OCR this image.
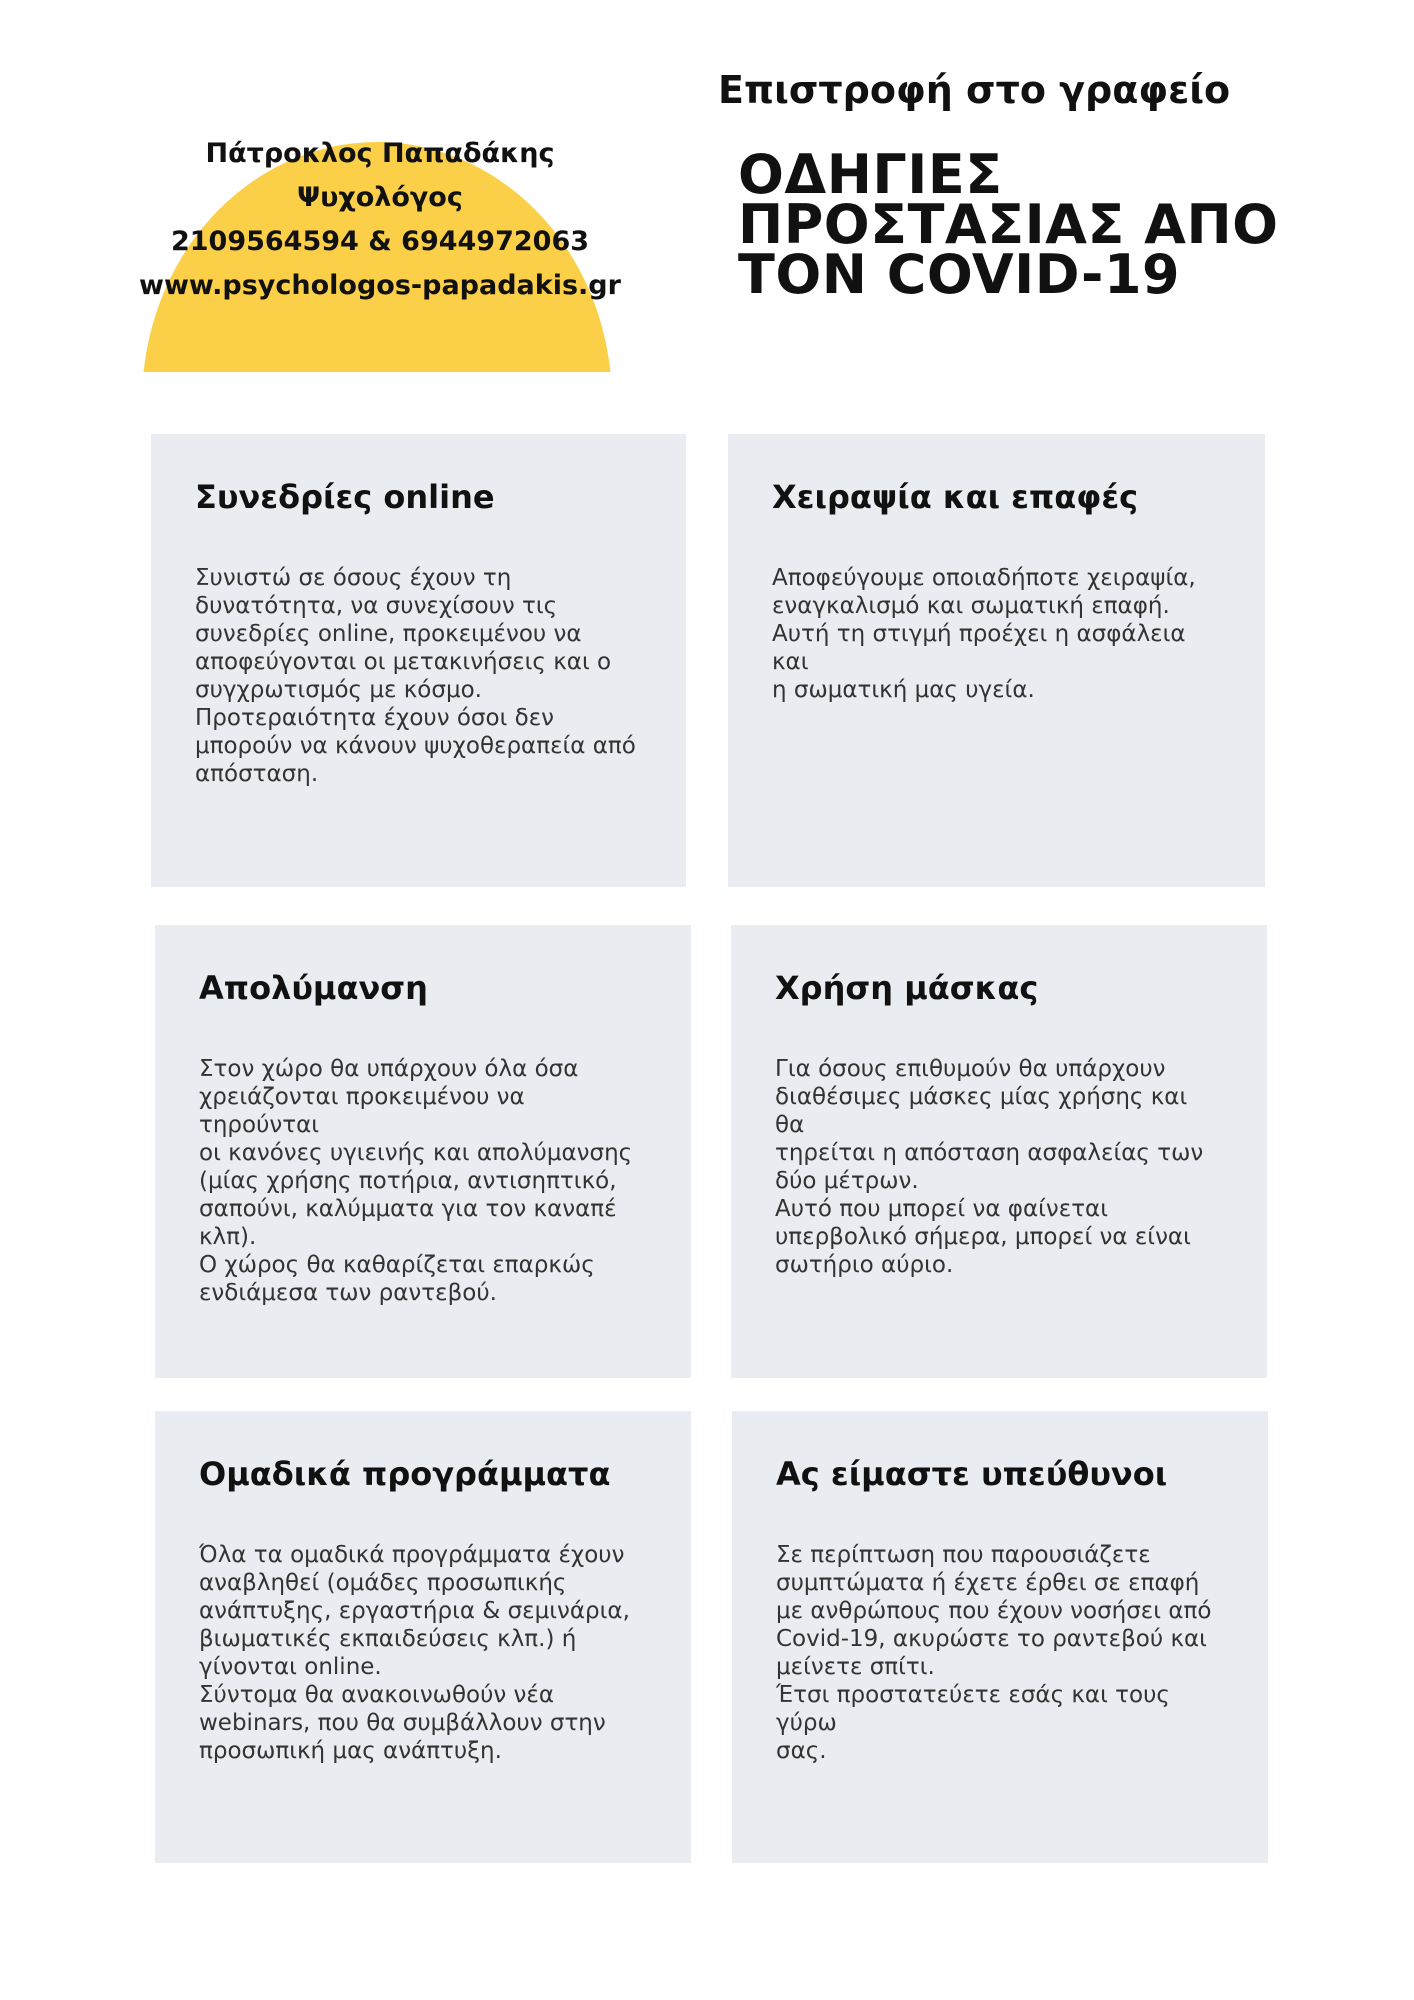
Πάτροκλος Παπαδάκης
Ψυχολόγος
2109564594 & 6944972063
www.psychologos-papadakis.gr
Επιστροφή στο γραφείο
ΟΔΗΓΙΕΣ
ΠΡΟΣΤΑΣΙΑΣ ΑΠΟ
ΤΟΝ COVID-19
Συνεδρίες online

Συνιστώ σε όσους έχουν τη
δυνατότητα, να συνεχίσουν τις
συνεδρίες online, προκειμένου να
αποφεύγονται οι μετακινήσεις και ο
συγχρωτισμός με κόσμο.
Προτεραιότητα έχουν όσοι δεν
μπορούν να κάνουν ψυχοθεραπεία από
απόσταση.

Χειραψία και επαφές

Αποφεύγουμε οποιαδήποτε χειραψία,
εναγκαλισμό και σωματική επαφή.
Αυτή τη στιγμή προέχει η ασφάλεια και
η σωματική μας υγεία.

Απολύμανση

Στον χώρο θα υπάρχουν όλα όσα
χρειάζονται προκειμένου να τηρούνται
οι κανόνες υγιεινής και απολύμανσης
(μίας χρήσης ποτήρια, αντισηπτικό,
σαπούνι, καλύμματα για τον καναπέ
κλπ).
Ο χώρος θα καθαρίζεται επαρκώς
ενδιάμεσα των ραντεβού.

Χρήση μάσκας

Για όσους επιθυμούν θα υπάρχουν
διαθέσιμες μάσκες μίας χρήσης και θα
τηρείται η απόσταση ασφαλείας των
δύο μέτρων.
Αυτό που μπορεί να φαίνεται
υπερβολικό σήμερα, μπορεί να είναι
σωτήριο αύριο.

Ομαδικά προγράμματα

Όλα τα ομαδικά προγράμματα έχουν
αναβληθεί (ομάδες προσωπικής
ανάπτυξης, εργαστήρια & σεμινάρια,
βιωματικές εκπαιδεύσεις κλπ.) ή
γίνονται online.
Σύντομα θα ανακοινωθούν νέα
webinars, που θα συμβάλλουν στην
προσωπική μας ανάπτυξη.

Ας είμαστε υπεύθυνοι

Σε περίπτωση που παρουσιάζετε
συμπτώματα ή έχετε έρθει σε επαφή
με ανθρώπους που έχουν νοσήσει από
Covid-19, ακυρώστε το ραντεβού και
μείνετε σπίτι.
Έτσι προστατεύετε εσάς και τους γύρω
σας.
